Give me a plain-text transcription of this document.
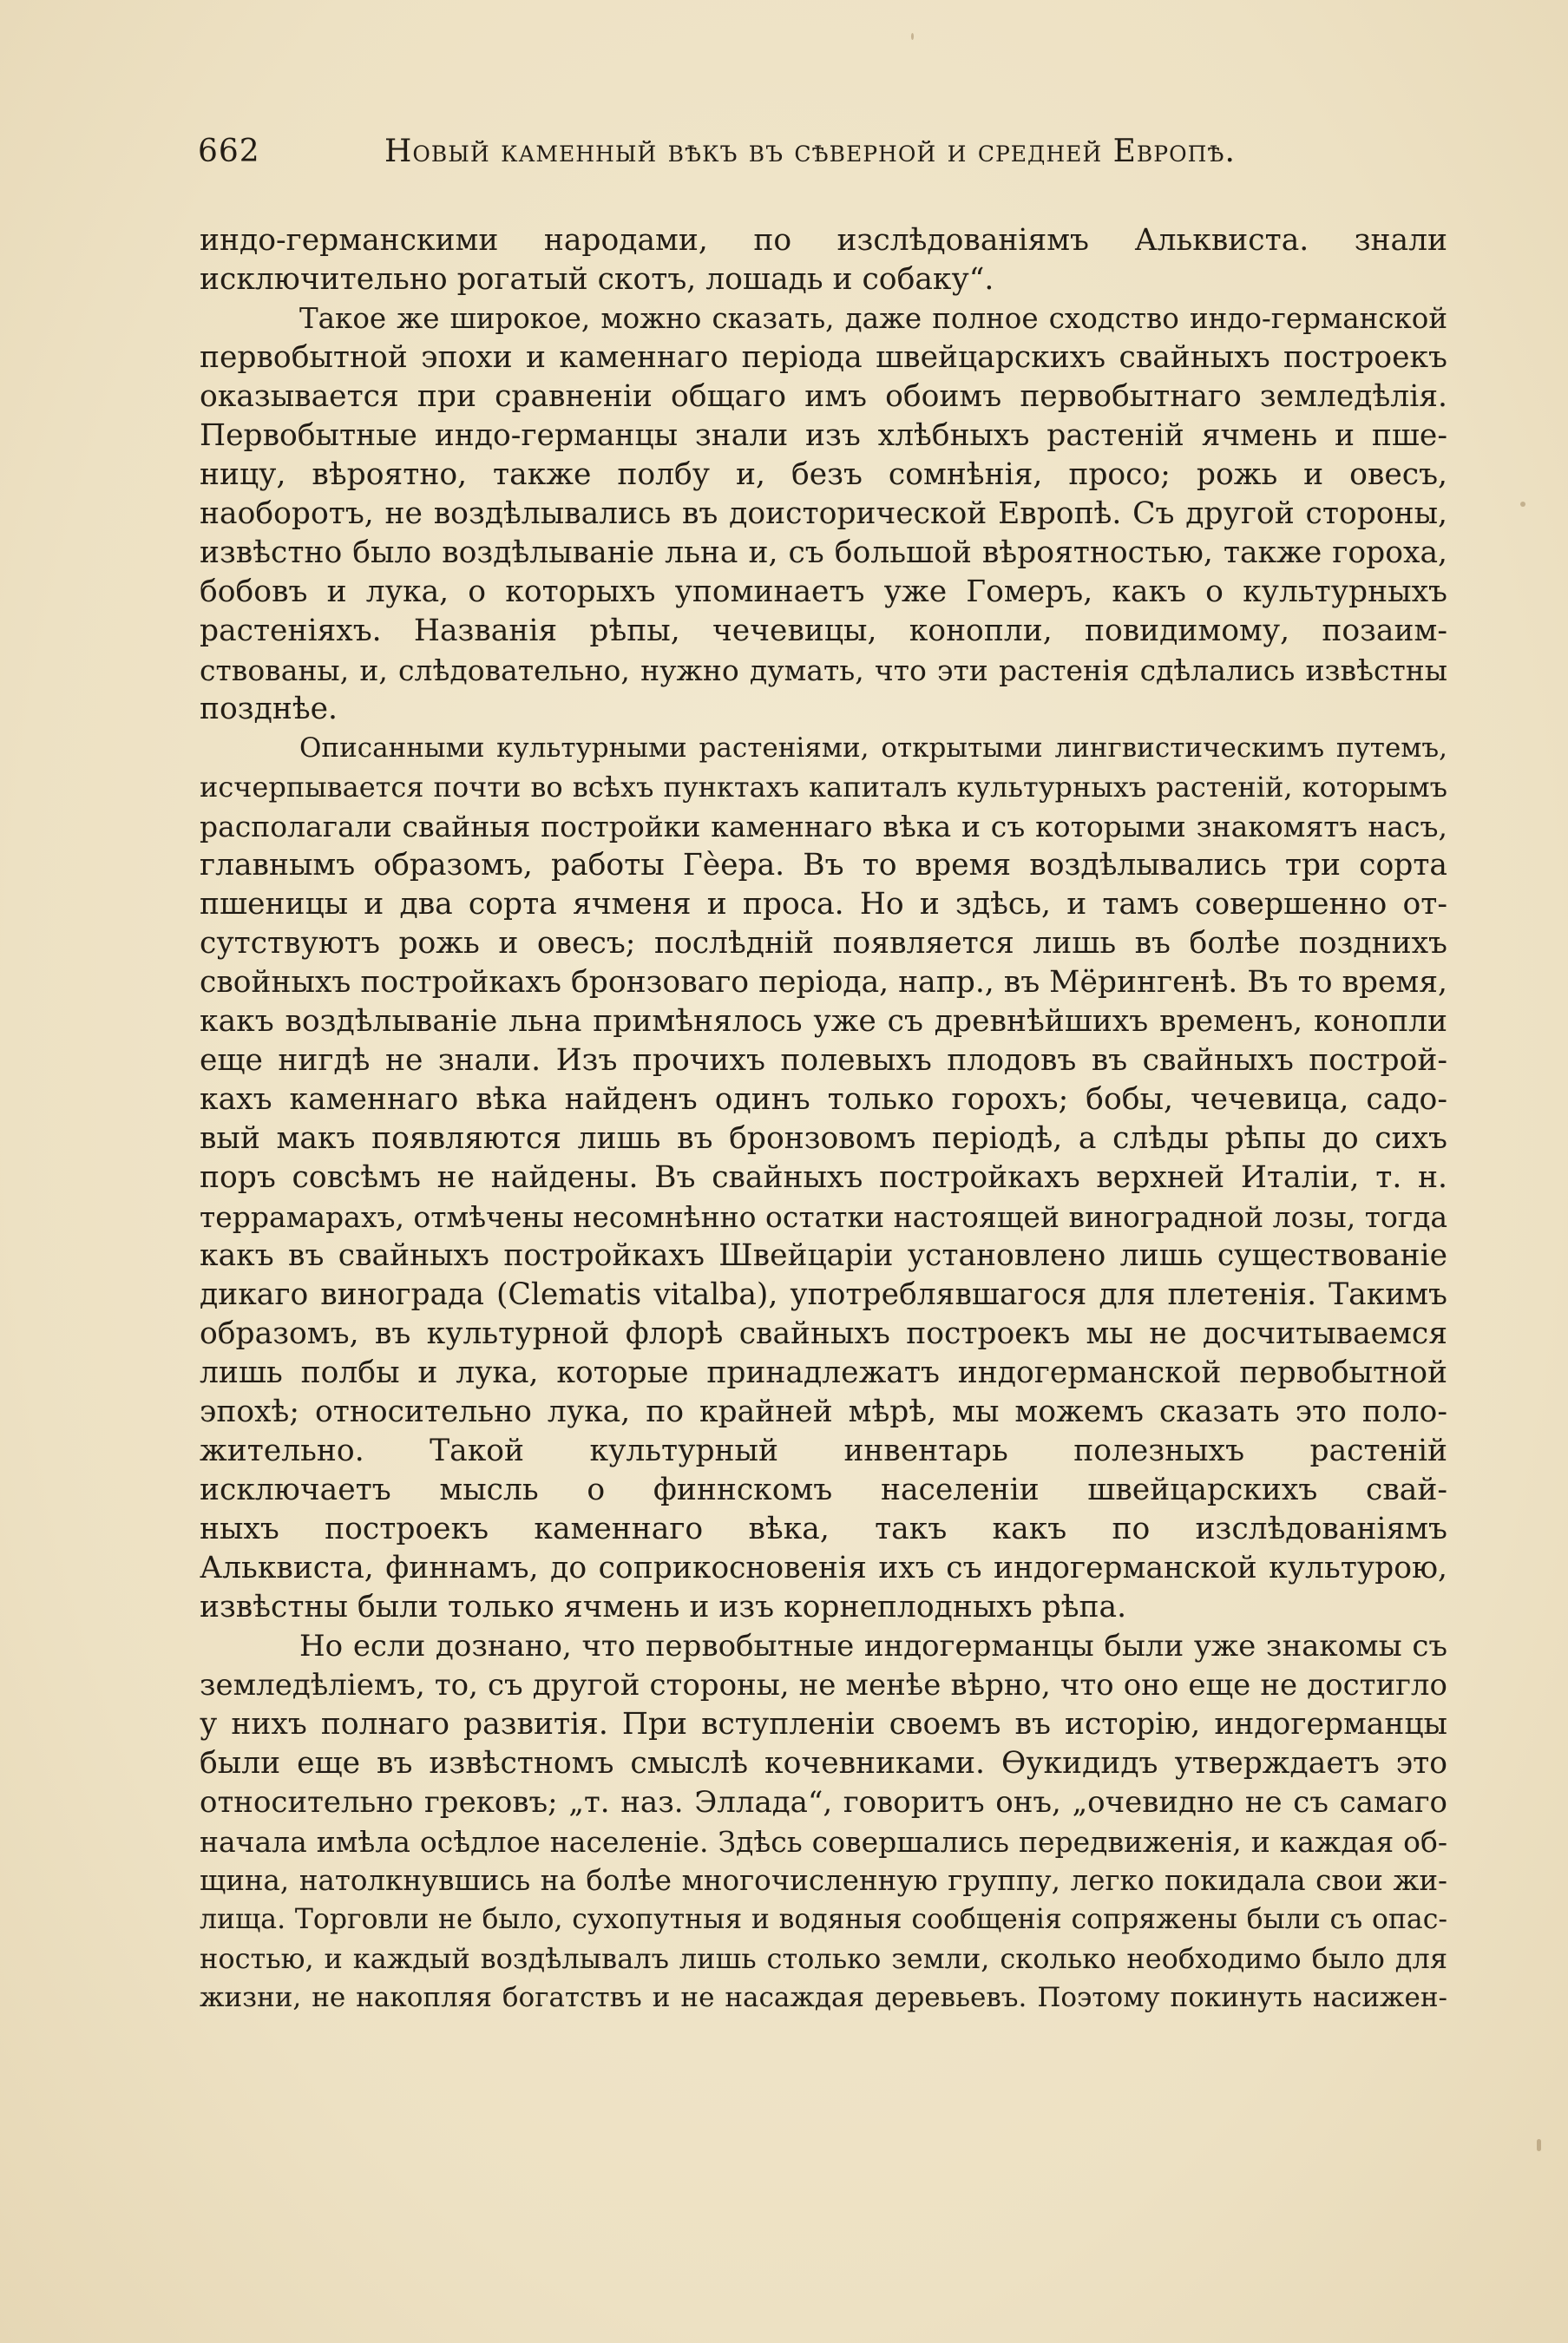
662	Новый каменный вѣкъ въ сѣверной и средней Европѣ.
индо-германскими народами, по изслѣдованіямъ Альквиста. знали
исключительно рогатый скотъ, лошадь и собаку“.
Такое же широкое, можно сказать, даже полное сходство индо-германской
первобытной эпохи и каменнаго періода швейцарскихъ свайныхъ построекъ
оказывается при сравненіи общаго имъ обоимъ первобытнаго земледѣлія.
Первобытные индо-германцы знали изъ хлѣбныхъ растеній ячмень и пше-
ницу, вѣроятно, также полбу и, безъ сомнѣнія, просо; рожь и овесъ,
наоборотъ, не воздѣлывались въ доисторической Европѣ. Съ другой стороны,
извѣстно было воздѣлываніе льна и, съ большой вѣроятностью, также гороха,
бобовъ и лука, о которыхъ упоминаетъ уже Гомеръ, какъ о культурныхъ
растеніяхъ. Названія рѣпы, чечевицы, конопли, повидимому, позаим-
ствованы, и, слѣдовательно, нужно думать, что эти растенія сдѣлались извѣстны
позднѣе.
Описанными культурными растеніями, открытыми лингвистическимъ путемъ,
исчерпывается почти во всѣхъ пунктахъ капиталъ культурныхъ растеній, которымъ
располагали свайныя постройки каменнаго вѣка и съ которыми знакомятъ насъ,
главнымъ образомъ, работы Гѐера. Въ то время воздѣлывались три сорта
пшеницы и два сорта ячменя и проса. Но и здѣсь, и тамъ совершенно от-
сутствуютъ рожь и овесъ; послѣдній появляется лишь въ болѣе позднихъ
свойныхъ постройкахъ бронзоваго періода, напр., въ Мёрингенѣ. Въ то время,
какъ воздѣлываніе льна примѣнялось уже съ древнѣйшихъ временъ, конопли
еще нигдѣ не знали. Изъ прочихъ полевыхъ плодовъ въ свайныхъ построй-
кахъ каменнаго вѣка найденъ одинъ только горохъ; бобы, чечевица, садо-
вый макъ появляются лишь въ бронзовомъ періодѣ, а слѣды рѣпы до сихъ
поръ совсѣмъ не найдены. Въ свайныхъ постройкахъ верхней Италіи, т. н.
террамарахъ, отмѣчены несомнѣнно остатки настоящей виноградной лозы, тогда
какъ въ свайныхъ постройкахъ Швейцаріи установлено лишь существованіе
дикаго винограда (Clematis vitalba), употреблявшагося для плетенія. Такимъ
образомъ, въ культурной флорѣ свайныхъ построекъ мы не досчитываемся
лишь полбы и лука, которые принадлежатъ индогерманской первобытной
эпохѣ; относительно лука, по крайней мѣрѣ, мы можемъ сказать это поло-
жительно. Такой культурный инвентарь полезныхъ растеній
исключаетъ мысль о финнскомъ населеніи швейцарскихъ свай-
ныхъ построекъ каменнаго вѣка, такъ какъ по изслѣдованіямъ
Альквиста, финнамъ, до соприкосновенія ихъ съ индогерманской культурою,
извѣстны были только ячмень и изъ корнеплодныхъ рѣпа.
Но если дознано, что первобытные индогерманцы были уже знакомы съ
земледѣліемъ, то, съ другой стороны, не менѣе вѣрно, что оно еще не достигло
у нихъ полнаго развитія. При вступленіи своемъ въ исторію, индогерманцы
были еще въ извѣстномъ смыслѣ кочевниками. Ѳукидидъ утверждаетъ это
относительно грековъ; „т. наз. Эллада“, говоритъ онъ, „очевидно не съ самаго
начала имѣла осѣдлое населеніе. Здѣсь совершались передвиженія, и каждая об-
щина, натолкнувшись на болѣе многочисленную группу, легко покидала свои жи-
лища. Торговли не было, сухопутныя и водяныя сообщенія сопряжены были съ опас-
ностью, и каждый воздѣлывалъ лишь столько земли, сколько необходимо было для
жизни, не накопляя богатствъ и не насаждая деревьевъ. Поэтому покинуть насижен-
